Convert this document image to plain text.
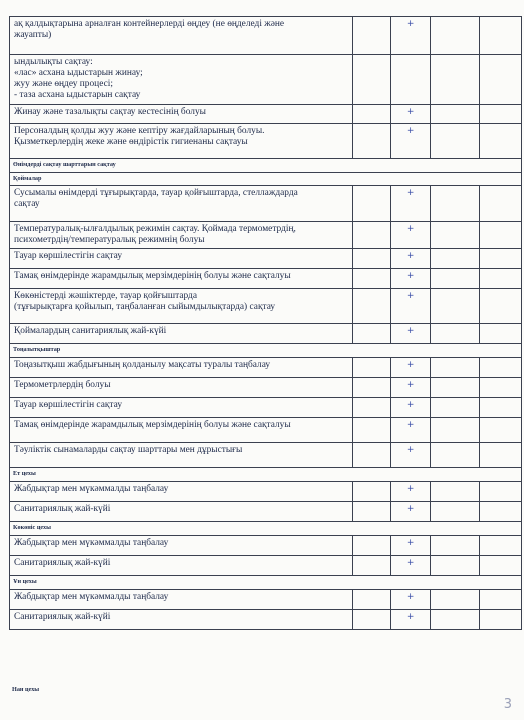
ақ қалдықтарына арналған контейнерлерді өңдеу (не өңделеді және
жауапты)		+		

ындылықты сақтау:
«лас» асхана ыдыстарын жинау;
жуу және өңдеу процесі;
- таза асхана ыдыстарын сақтау				

Жинау және тазалықты сақтау кестесінің болуы		+		

Персоналдың қолды жуу және кептіру жағдайларының болуы.
Қызметкерлердің жеке және өндірістік гигиенаны сақтауы		+		
Өнімдерді сақтау шарттарын сақтау				
Қоймалар				

Сусымалы өнімдерді тұғырықтарда, тауар қойғыштарда, стеллаждарда
сақтау		+		

Температуралық-ылғалдылық режимін сақтау. Қоймада термометрдің,
психометрдің/температуралық режимнің болуы		+		

Тауар көршілестігін сақтау		+		

Тамақ өнімдерінде жарамдылық мерзімдерінің болуы және сақталуы		+		

Көкөністерді жәшіктерде, тауар қойғыштарда
(тұғырықтарға қойылып, таңбаланған сыйымдылықтарда) сақтау		+		

Қоймалардың санитариялық жай-күйі		+		
Тоңазытқыштар				

Тоңазытқыш жабдығының қолданылу мақсаты туралы таңбалау		+		

Термометрлердің болуы		+		

Тауар көршілестігін сақтау		+		

Тамақ өнімдерінде жарамдылық мерзімдерінің болуы және сақталуы		+		

Тәуліктік сынамаларды сақтау шарттары мен дұрыстығы		+		
Ет цехы				

Жабдықтар мен мүкәммалды таңбалау		+		

Санитариялық жай-күйі		+		
Көкөніс цехы				

Жабдықтар мен мүкәммалды таңбалау		+		

Санитариялық жай-күйі		+		
Ұн цехы				

Жабдықтар мен мүкәммалды таңбалау		+		

Санитариялық жай-күйі		+		
Нан цехы
3
